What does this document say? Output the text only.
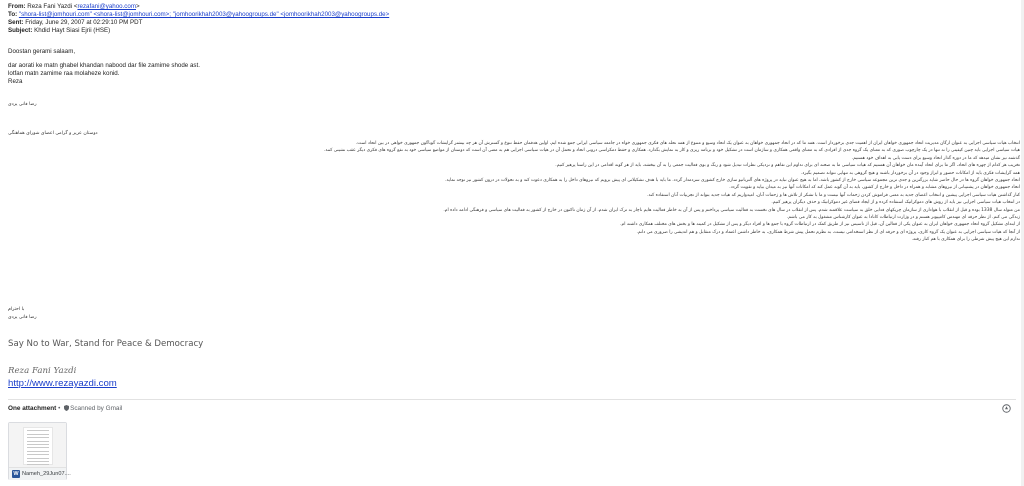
From: Reza Fani Yazdi <rezafani@yahoo.com>
To: "shora-list@jomhouri.com" <shora-list@jomhouri.com>; "jomhoorikhah2003@yahoogroups.de" <jomhoorikhah2003@yahoogroups.de>
Sent: Friday, June 29, 2007 at 02:29:10 PM PDT
Subject: Khdid Hayt Siasi Ejrii (HSE)
Doostan gerami salaam,
dar aorati ke matn ghabel khandan nabood dar file zamime shode ast.
lotfan matn zamime raa molaheze konid.
Reza
رضا فانی یزدی
دوستان عزیز و گرامی اعضای شورای هماهنگی

انتخاب هیات سیاسی اجرایی به عنوان ارگان مدیریت اتحاد جمهوری خواهان ایران از اهمیت جدی برخوردار است. همه ما که در اتحاد جمهوری خواهان به عنوان یک اتحاد وسیع و متنوع از همه نحله های فکری جمهوری خواه در جامعه سیاسی ایرانی جمع شده ایم، اولین هدفمان حفظ تنوع و گسترش آن هر چه بیشتر گرایشات گوناگون جمهوری خواهی در بین اتحاد است.

هیات سیاسی اجرایی باید چنین کیفیتی را نه تنها در یک چارچوب صوری که به معنای یک گروه جدی از افرادی که به معنای واقعی همکاری و سازمان است در تشکیل خود و برنامه ریزی و کار به نمایش بگذارد. همکاری و حفظ دمکراسی درونی اتحاد و تحمل آن در هیات سیاسی اجرایی هم به معنی آن است که دوستان از مواضع سیاسی خود به نفع گروه های فکری دیگر عقب نشینی کنند.

گذشته نیز نشان میدهد که ما در دوره گذار اتحاد وسیع برای دست یابی به اهداف خود هستیم.

تخریب هر کدام از چهره های اتحاد، اگر ما برای اتحاد آینده مان خواهان آن هستیم که هیات سیاسی ما به صحنه ای برای تداوم این تفاهم و نزدیکی نظرات تبدیل شود و رنگ و بوی فعالیت جمعی را به آن ببخشد، باید از هر گونه اقدامی در این راستا پرهیز کنیم.

همه گرایشات فکری باید از امکانات حضور و ابراز وجود در آن برخوردار باشند و هیچ گروهی به تنهایی نتواند تصمیم بگیرد.

اتحاد جمهوری خواهان گروه ها در حال حاضر شاید بزرگترین و جدی ترین مجموعه سیاسی خارج از کشور باشد، اما به هیچ عنوان نباید در پروژه های آلترناتیو سازی خارج کشوری سردمدار گردد. ما باید با هدف تشکیلاتی ای پیش برویم که نیروهای داخل را به همکاری دعوت کند و به تحولات در درون کشور نیز توجه نماید.

اتحاد جمهوری خواهان در پشتیبانی از نیروهای مشابه و همراه در داخل و خارج از کشور، باید به آن گونه عمل کند که امکانات آنها نیز به میدان بیاید و تقویت گردد.

کنار گذاشتن هیات سیاسی اجرایی پیشین و انتخاب اعضای جدید به معنی فراموش کردن زحمات آنها نیست و ما با تشکر از تلاش ها و زحمات آنان، امیدواریم که هیات جدید بتواند از تجربیات آنان استفاده کند.

در انتخاب هیات سیاسی اجرایی نیز باید از روش های دموکراتیک استفاده کرده و از ایجاد فضای غیر دموکراتیک و حذف دیگران پرهیز کنیم.

من متولد سال 1338 بوده و قبل از انقلاب با هواداری از سازمان چریکهای فدایی خلق به سیاست علاقمند شدم. پس از انقلاب در سال های نخست به فعالیت سیاسی پرداختم و پس از آن به خاطر فعالیت هایم ناچار به ترک ایران شدم. از آن زمان تاکنون در خارج از کشور به فعالیت های سیاسی و فرهنگی ادامه داده ام.

زندگی می کنم. از نظر حرفه ای مهندس کامپیوتر هستم و در وزارت ارتباطات کانادا به عنوان کارشناس مشغول به کار می باشم.

از ابتدای تشکیل گروه اتحاد جمهوری خواهان ایران به عنوان یکی از فعالین آن، قبل از تاسیس نیز از طریق کمک در ارتباطات گروه با جمع ها و افراد دیگر و پس از تشکیل در کمیته ها و بخش های مختلف همکاری داشته ام.

از آنجا که هیات سیاسی اجرایی به عنوان یک گروه کاری، پروژه ای و حرفه ای از نظر استخدامی نیست، به نظرم تحمل پیش شرط همکاری، به خاطر داشتن اعتماد و درک متقابل و هم اندیشی را ضروری می دانم.

ندارم این هیچ پیش شرطی را برای همکاری با هم کنار رفته.

با احترام
رضا فانی یزدی
Say No to War, Stand for Peace & Democracy
Reza Fani Yazdi
http://www.rezayazdi.com
One attachment • Scanned by Gmail
W Nameh_29Jun07....
